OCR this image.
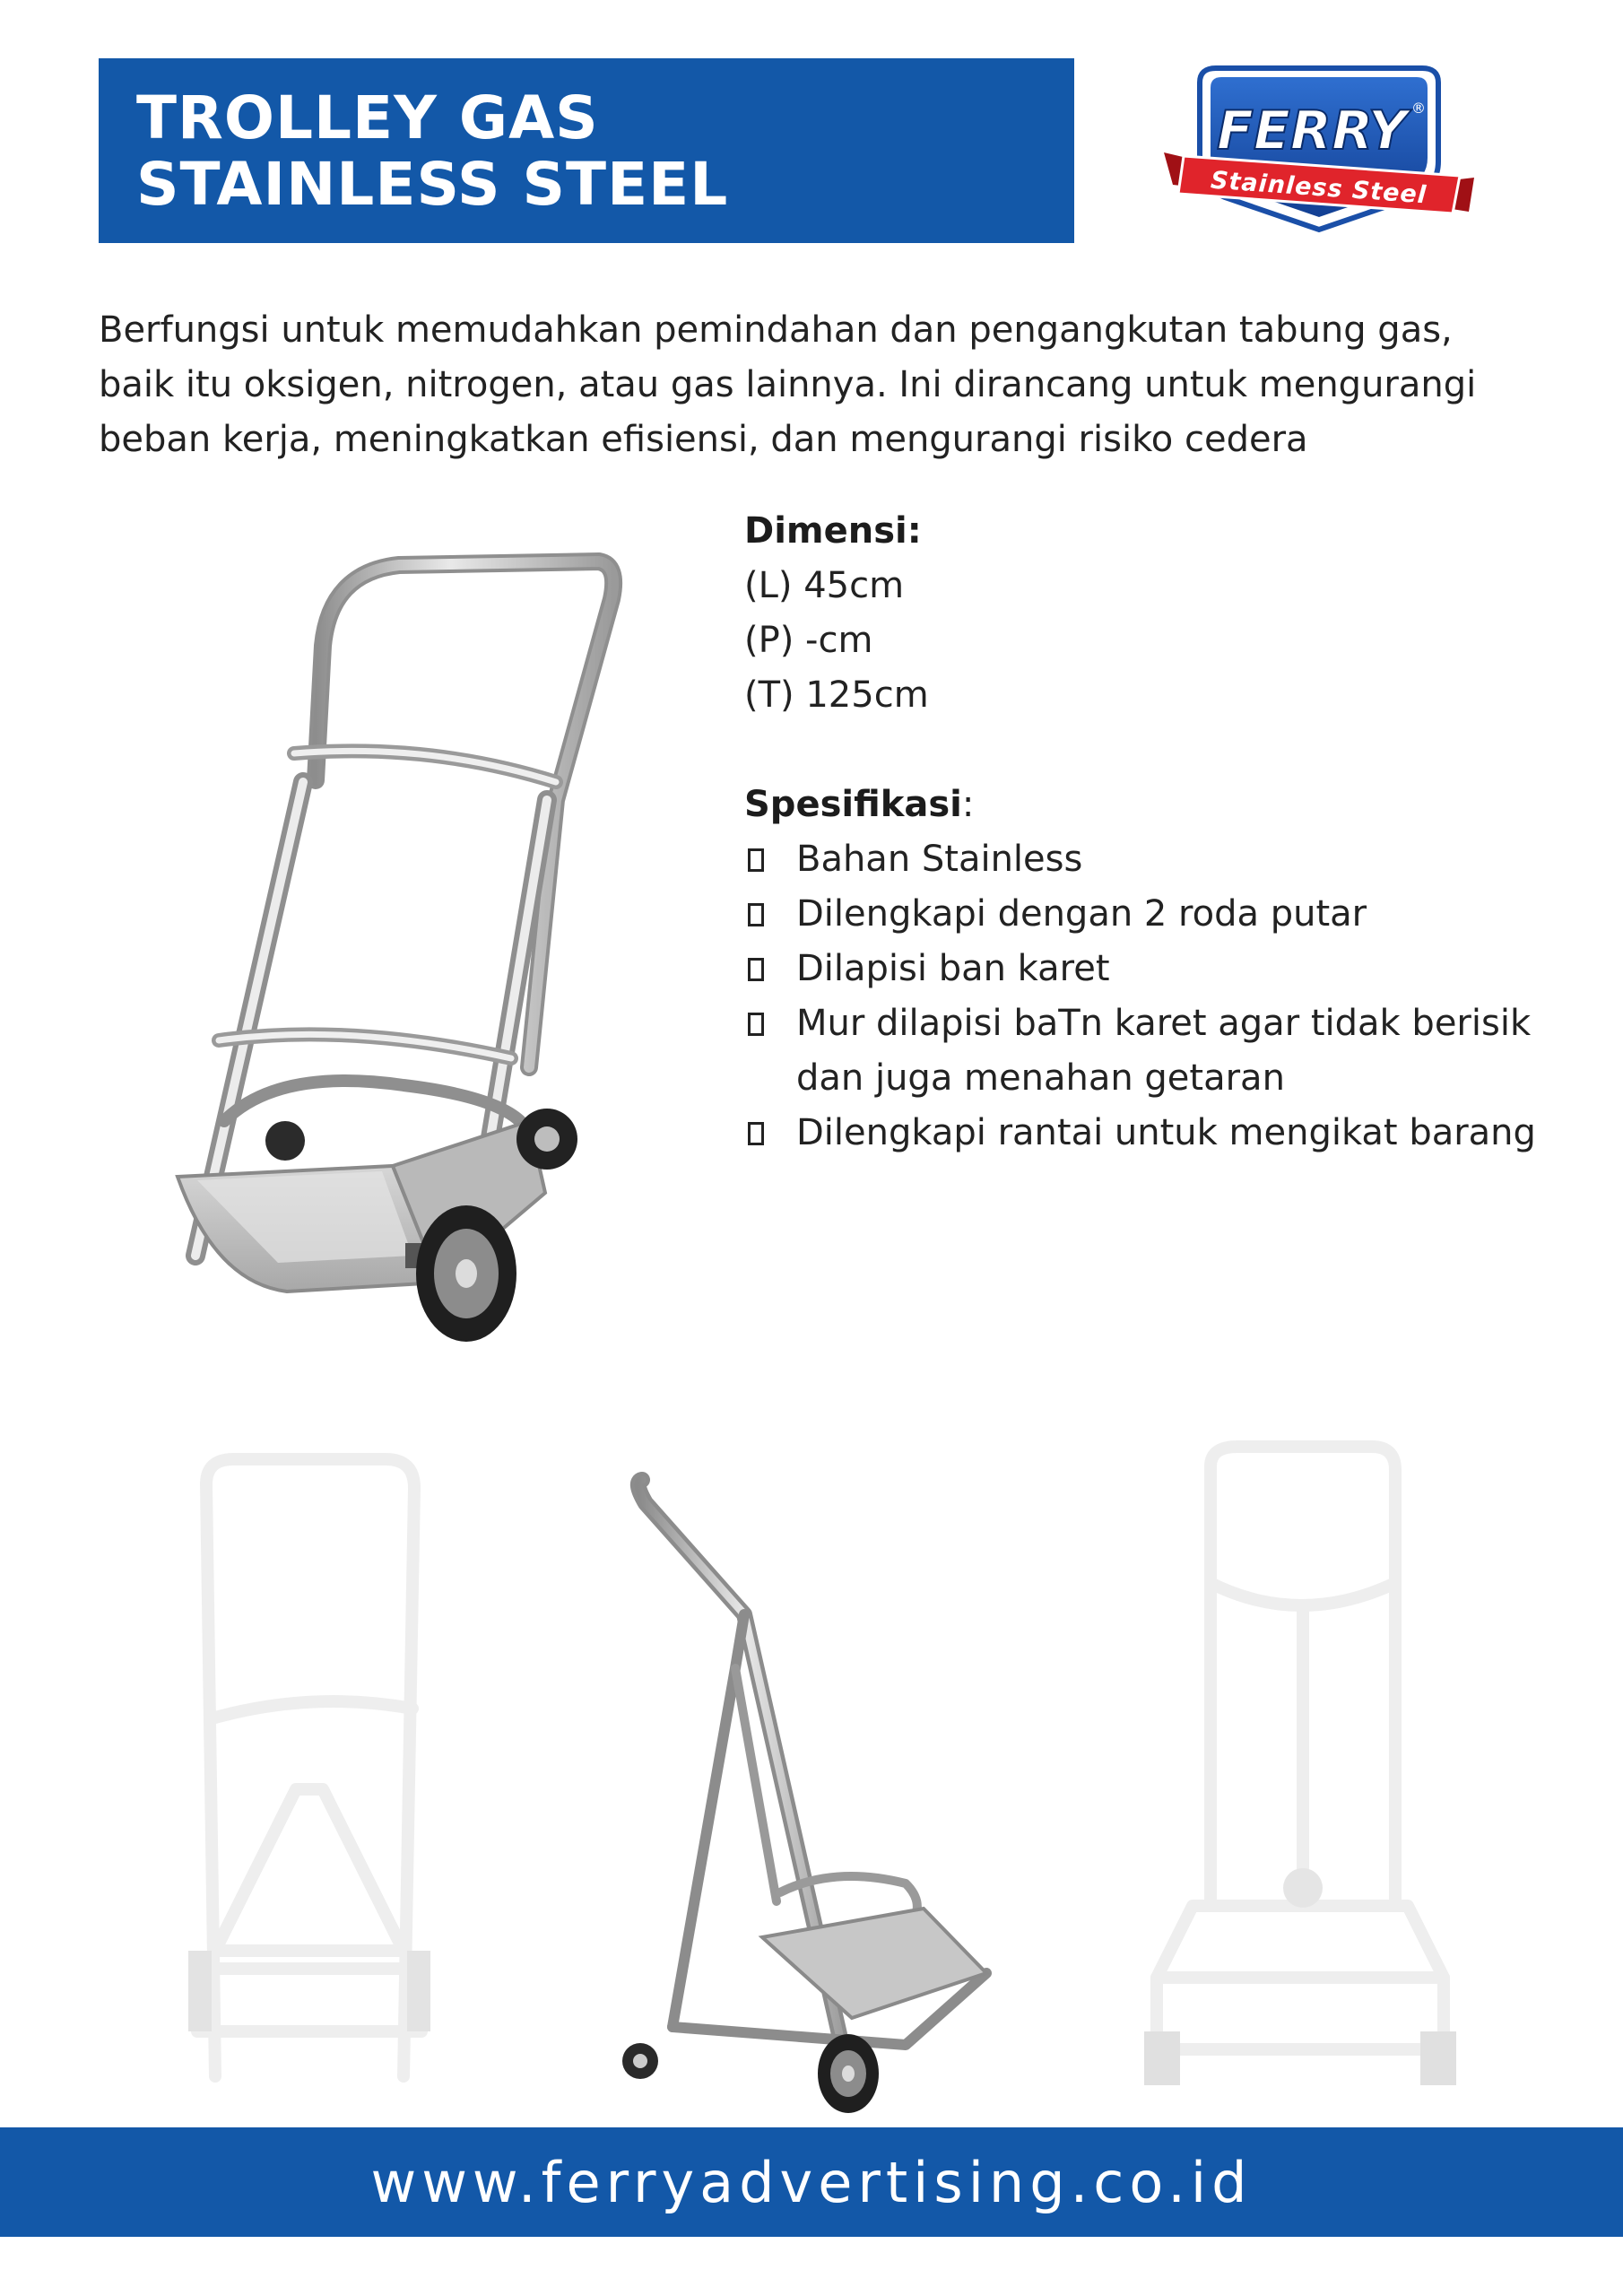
TROLLEY GAS
STAINLESS STEEL
FERRY ®
Stainless Steel

Berfungsi untuk memudahkan pemindahan dan pengangkutan tabung gas, baik itu oksigen, nitrogen, atau gas lainnya. Ini dirancang untuk mengurangi beban kerja, meningkatkan efisiensi, dan mengurangi risiko cedera

Dimensi:
(L) 45cm
(P) -cm
(T) 125cm
Spesifikasi:
Bahan Stainless
Dilengkapi dengan 2 roda putar
Dilapisi ban karet
Mur dilapisi baTn karet agar tidak berisik dan juga menahan getaran
Dilengkapi rantai untuk mengikat barang
www.ferryadvertising.co.id
